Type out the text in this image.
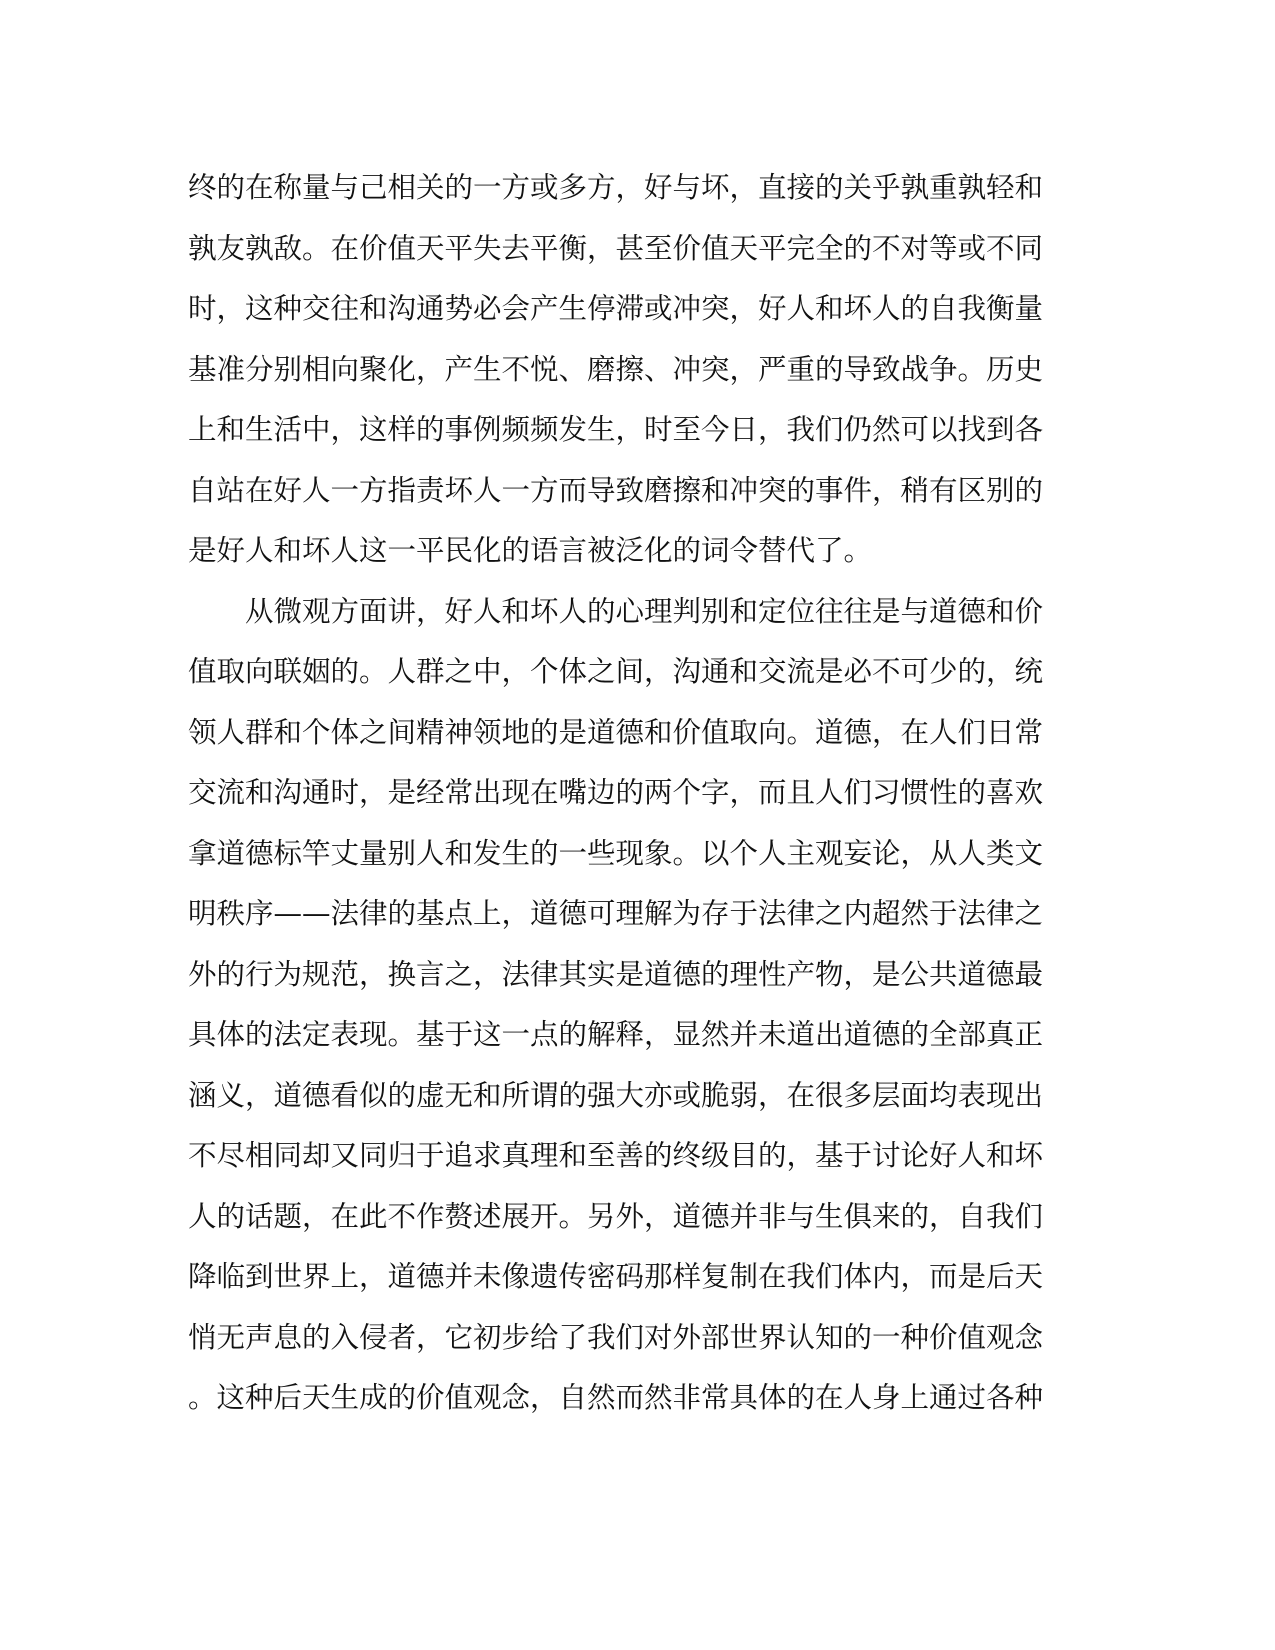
终的在称量与己相关的一方或多方，好与坏，直接的关乎孰重孰轻和
孰友孰敌。在价值天平失去平衡，甚至价值天平完全的不对等或不同
时，这种交往和沟通势必会产生停滞或冲突，好人和坏人的自我衡量
基准分别相向聚化，产生不悦、磨擦、冲突，严重的导致战争。历史
上和生活中，这样的事例频频发生，时至今日，我们仍然可以找到各
自站在好人一方指责坏人一方而导致磨擦和冲突的事件，稍有区别的
是好人和坏人这一平民化的语言被泛化的词令替代了。
　　从微观方面讲，好人和坏人的心理判别和定位往往是与道德和价
值取向联姻的。人群之中，个体之间，沟通和交流是必不可少的，统
领人群和个体之间精神领地的是道德和价值取向。道德，在人们日常
交流和沟通时，是经常出现在嘴边的两个字，而且人们习惯性的喜欢
拿道德标竿丈量别人和发生的一些现象。以个人主观妄论，从人类文
明秩序——法律的基点上，道德可理解为存于法律之内超然于法律之
外的行为规范，换言之，法律其实是道德的理性产物，是公共道德最
具体的法定表现。基于这一点的解释，显然并未道出道德的全部真正
涵义，道德看似的虚无和所谓的强大亦或脆弱，在很多层面均表现出
不尽相同却又同归于追求真理和至善的终级目的，基于讨论好人和坏
人的话题，在此不作赘述展开。另外，道德并非与生俱来的，自我们
降临到世界上，道德并未像遗传密码那样复制在我们体内，而是后天
悄无声息的入侵者，它初步给了我们对外部世界认知的一种价值观念
。这种后天生成的价值观念，自然而然非常具体的在人身上通过各种
